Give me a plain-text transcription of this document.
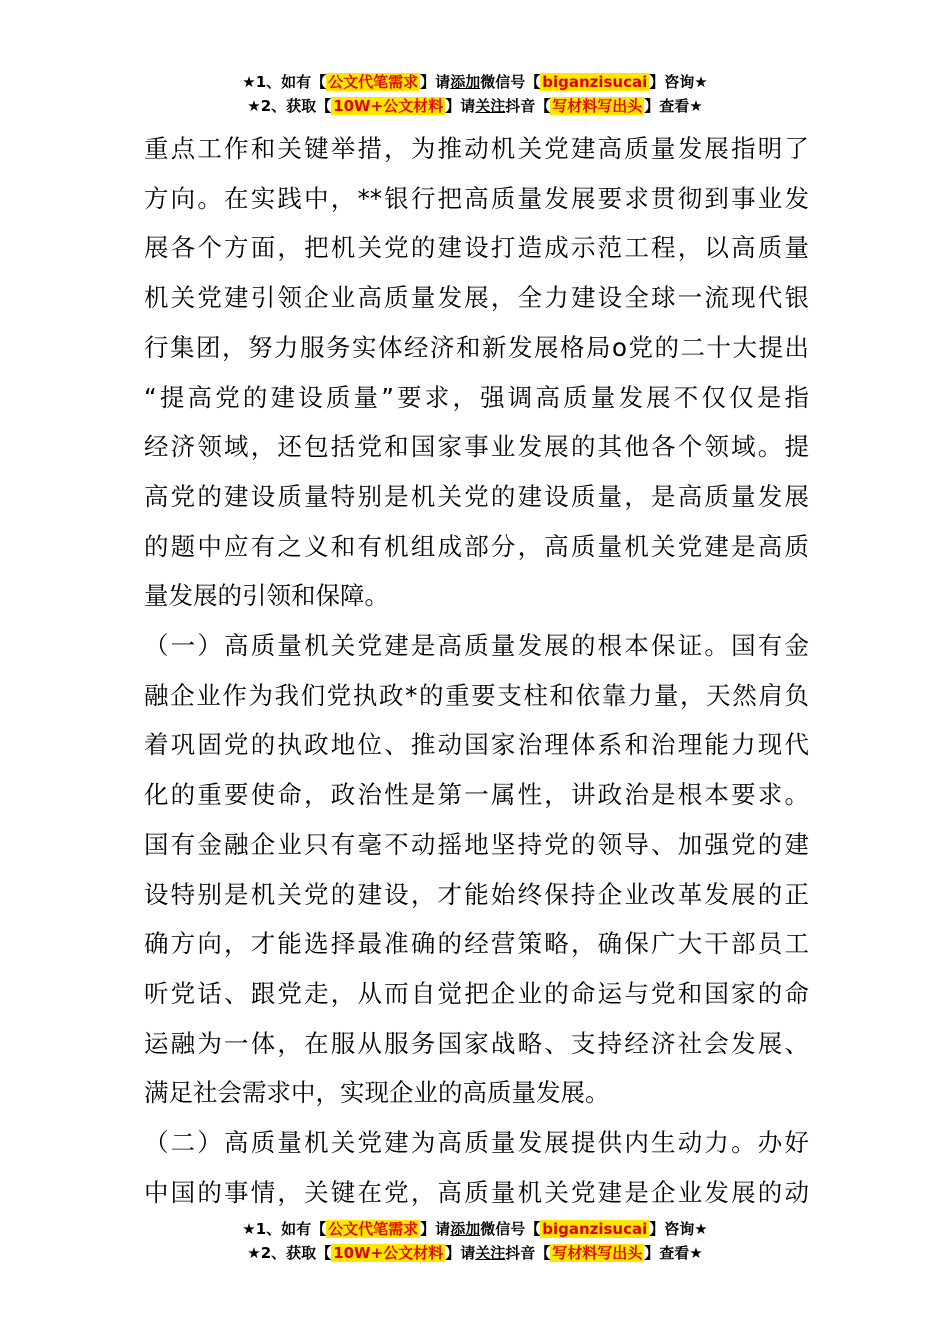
★1、如有【 公文代笔需求 】请添加微信号【 biganzisucai 】咨询★
★2、获取【 10W+公文材料 】请关注抖音【 写材料写出头 】查看★
重点工作和关键举措，为推动机关党建高质量发展指明了
方向。在实践中，**银行把高质量发展要求贯彻到事业发
展各个方面，把机关党的建设打造成示范工程，以高质量
机关党建引领企业高质量发展，全力建设全球一流现代银
行集团，努力服务实体经济和新发展格局o党的二十大提出
“提高党的建设质量”要求，强调高质量发展不仅仅是指
经济领域，还包括党和国家事业发展的其他各个领域。提
高党的建设质量特别是机关党的建设质量，是高质量发展
的题中应有之义和有机组成部分，高质量机关党建是高质
量发展的引领和保障。
（一）高质量机关党建是高质量发展的根本保证。国有金
融企业作为我们党执政*的重要支柱和依靠力量，天然肩负
着巩固党的执政地位、推动国家治理体系和治理能力现代
化的重要使命，政治性是第一属性，讲政治是根本要求。
国有金融企业只有毫不动摇地坚持党的领导、加强党的建
设特别是机关党的建设，才能始终保持企业改革发展的正
确方向，才能选择最准确的经营策略，确保广大干部员工
听党话、跟党走，从而自觉把企业的命运与党和国家的命
运融为一体，在服从服务国家战略、支持经济社会发展、
满足社会需求中，实现企业的高质量发展。
（二）高质量机关党建为高质量发展提供内生动力。办好
中国的事情，关键在党，高质量机关党建是企业发展的动
★1、如有【 公文代笔需求 】请添加微信号【 biganzisucai 】咨询★
★2、获取【 10W+公文材料 】请关注抖音【 写材料写出头 】查看★
